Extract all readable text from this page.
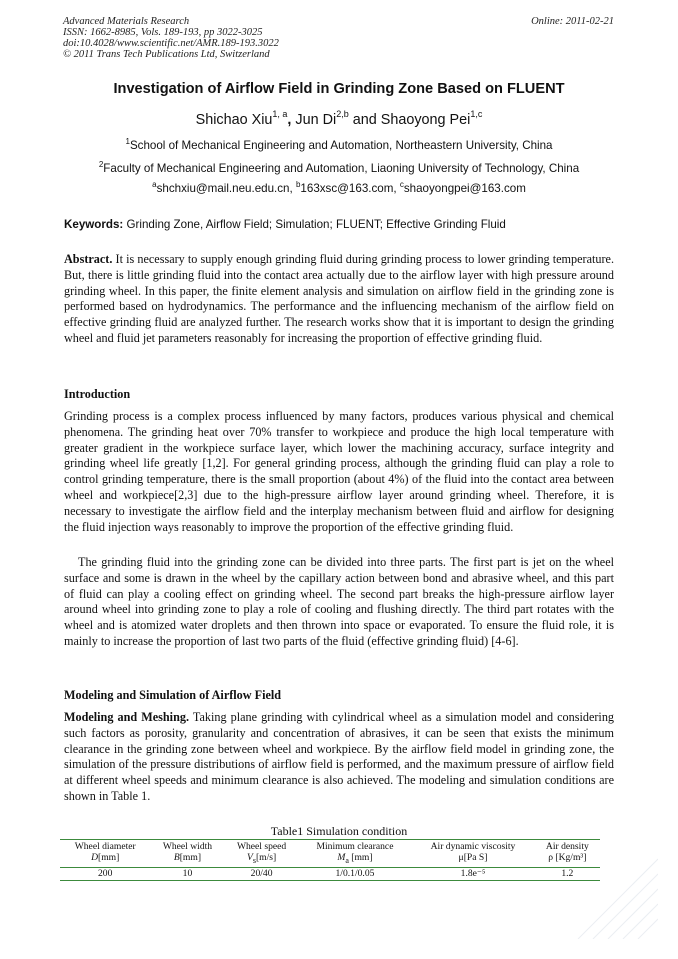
Advanced Materials Research
ISSN: 1662-8985, Vols. 189-193, pp 3022-3025
doi:10.4028/www.scientific.net/AMR.189-193.3022
© 2011 Trans Tech Publications Ltd, Switzerland
Online: 2011-02-21
Investigation of Airflow Field in Grinding Zone Based on FLUENT
Shichao Xiu$^{1, a}$, Jun Di$^{2,b}$ and Shaoyong Pei$^{1,c}$
$^1$School of Mechanical Engineering and Automation, Northeastern University, China
$^2$Faculty of Mechanical Engineering and Automation, Liaoning University of Technology, China
$^a$shchxiu@mail.neu.edu.cn, $^b$163xsc@163.com, $^c$shaoyongpei@163.com
Keywords: Grinding Zone, Airflow Field; Simulation; FLUENT; Effective Grinding Fluid
Abstract. It is necessary to supply enough grinding fluid during grinding process to lower grinding temperature. But, there is little grinding fluid into the contact area actually due to the airflow layer with high pressure around grinding wheel. In this paper, the finite element analysis and simulation on airflow field in the grinding zone is performed based on hydrodynamics. The performance and the influencing mechanism of the airflow field on effective grinding fluid are analyzed further. The research works show that it is important to design the grinding wheel and fluid jet parameters reasonably for increasing the proportion of effective grinding fluid.
Introduction
Grinding process is a complex process influenced by many factors, produces various physical and chemical phenomena. The grinding heat over 70% transfer to workpiece and produce the high local temperature with greater gradient in the workpiece surface layer, which lower the machining accuracy, surface integrity and grinding wheel life greatly [1,2]. For general grinding process, although the grinding fluid can play a role to control grinding temperature, there is the small proportion (about 4%) of the fluid into the contact area between wheel and workpiece[2,3] due to the high-pressure airflow layer around grinding wheel. Therefore, it is necessary to investigate the airflow field and the interplay mechanism between fluid and airflow for designing the fluid injection ways reasonably to improve the proportion of the effective grinding fluid.
The grinding fluid into the grinding zone can be divided into three parts. The first part is jet on the wheel surface and some is drawn in the wheel by the capillary action between bond and abrasive wheel, and this part of fluid can play a cooling effect on grinding wheel. The second part breaks the high-pressure airflow layer around wheel into grinding zone to play a role of cooling and flushing directly. The third part rotates with the wheel and is atomized water droplets and then thrown into space or evaporated. To ensure the fluid role, it is mainly to increase the proportion of last two parts of the fluid (effective grinding fluid) [4-6].
Modeling and Simulation of Airflow Field
Modeling and Meshing. Taking plane grinding with cylindrical wheel as a simulation model and considering such factors as porosity, granularity and concentration of abrasives, it can be seen that exists the minimum clearance in the grinding zone between wheel and workpiece. By the airflow field model in grinding zone, the simulation of the pressure distributions of airflow field is performed, and the maximum pressure of airflow field at different wheel speeds and minimum clearance is also achieved. The modeling and simulation conditions are shown in Table 1.
Table1 Simulation condition
Wheel diameter	Wheel width	Wheel speed	Minimum clearance	Air dynamic viscosity	Air density
D[mm]	B[mm]	$V_s[m/s]$	$M_a$ [mm]	μ[Pa S]	ρ [Kg/m³]
200	10	20/40	1/0.1/0.05	1.8e⁻⁵	1.2
